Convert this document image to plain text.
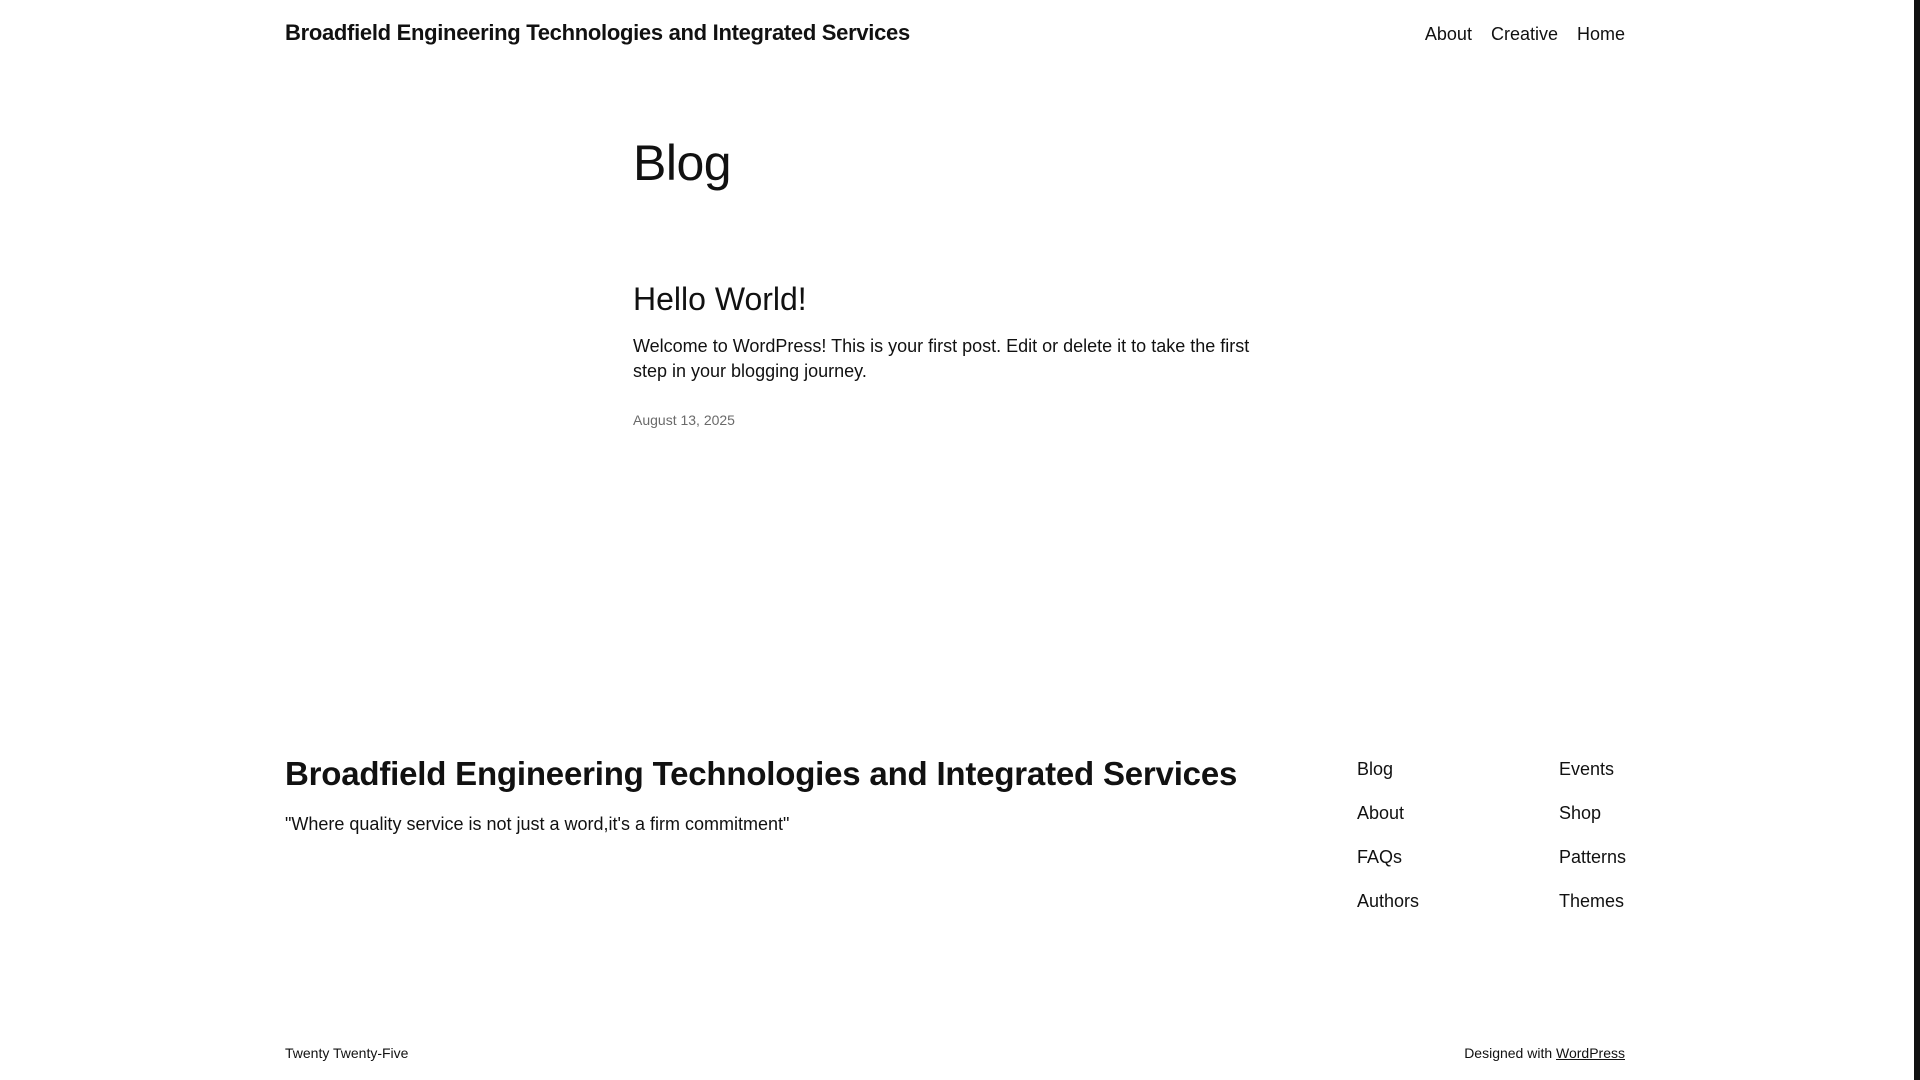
Broadfield Engineering Technologies and Integrated Services	About Creative Home
Blog
Hello World!

Welcome to WordPress! This is your first post. Edit or delete it to take the first step in your blogging journey.

August 13, 2025
Broadfield Engineering Technologies and Integrated Services

"Where quality service is not just a word,it's a firm commitment"

Blog
About
FAQs
Authors
Events
Shop
Patterns
Themes
Twenty Twenty-Five	Designed with WordPress
